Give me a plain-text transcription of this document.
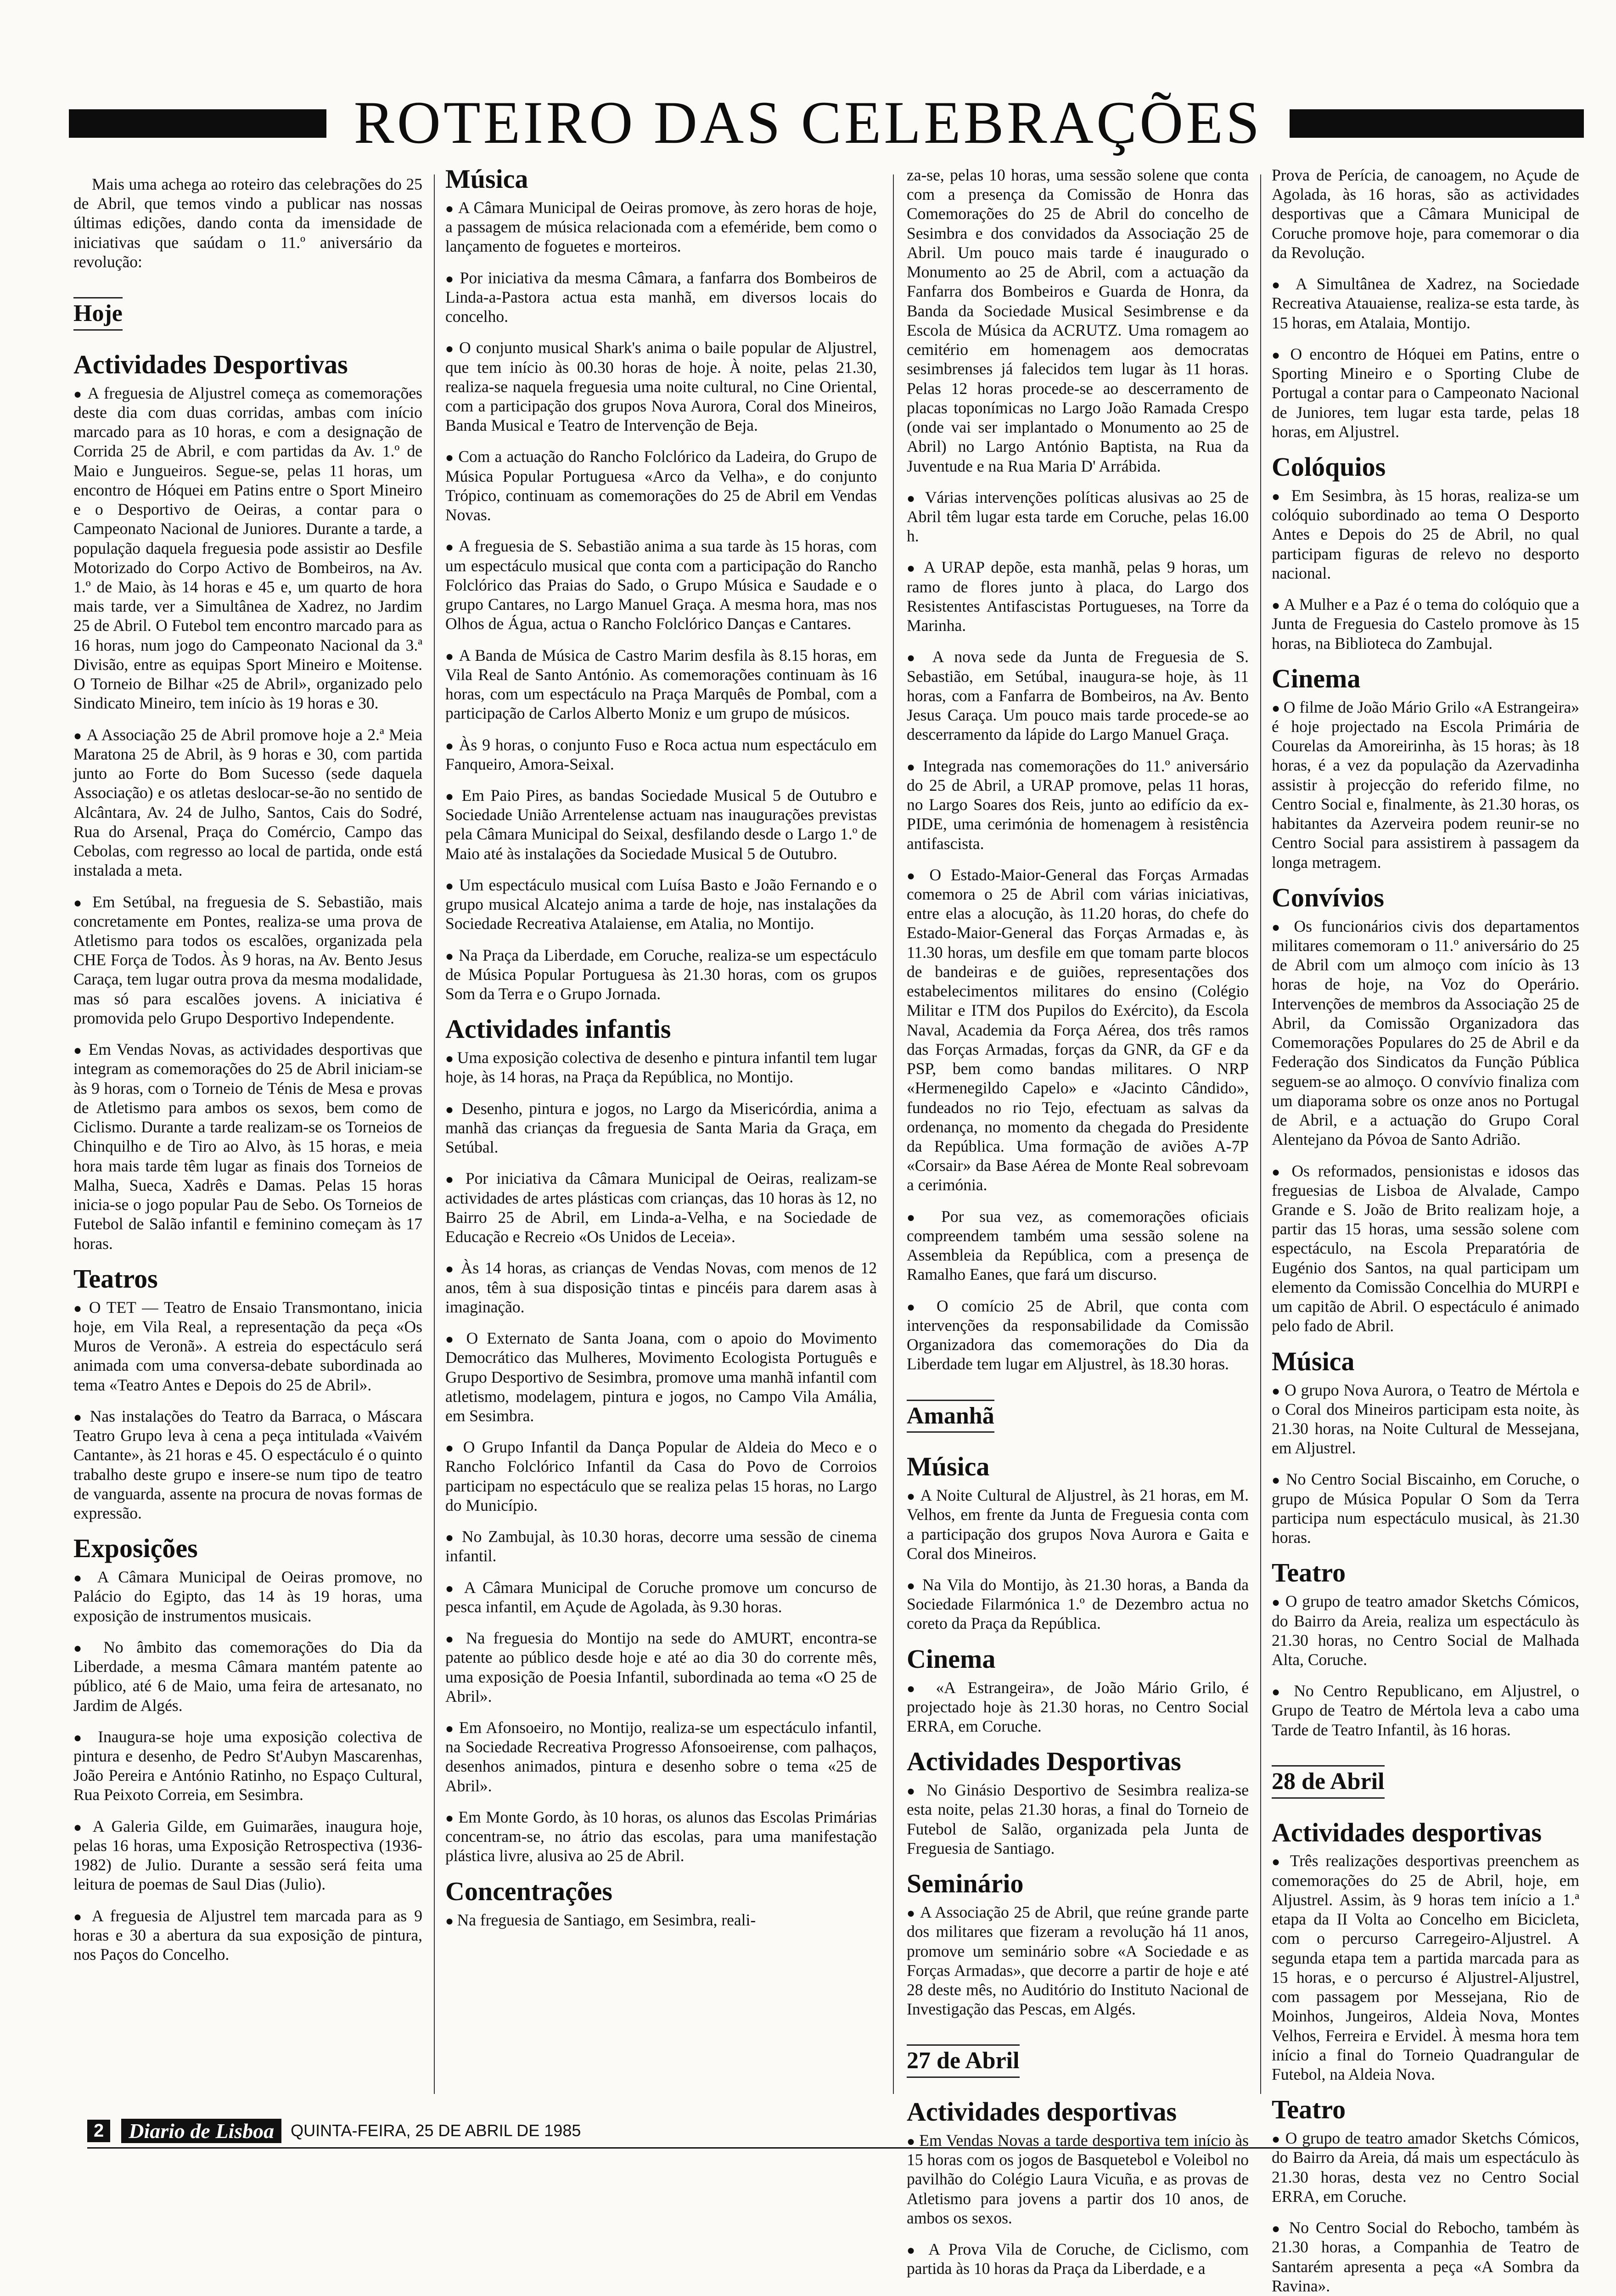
ROTEIRO DAS CELEBRAÇÕES

Mais uma achega ao roteiro das celebrações do 25 de Abril, que temos vindo a publicar nas nossas últimas edições, dando conta da imensidade de iniciativas que saúdam o 11.º aniversário da revolução:

Hoje
Actividades Desportivas

● A freguesia de Aljustrel começa as comemorações deste dia com duas corridas, ambas com início marcado para as 10 horas, e com a designação de Corrida 25 de Abril, e com partidas da Av. 1.º de Maio e Jungueiros. Segue-se, pelas 11 horas, um encontro de Hóquei em Patins entre o Sport Mineiro e o Desportivo de Oeiras, a contar para o Campeonato Nacional de Juniores. Durante a tarde, a população daquela freguesia pode assistir ao Desfile Motorizado do Corpo Activo de Bombeiros, na Av. 1.º de Maio, às 14 horas e 45 e, um quarto de hora mais tarde, ver a Simultânea de Xadrez, no Jardim 25 de Abril. O Futebol tem encontro marcado para as 16 horas, num jogo do Campeonato Nacional da 3.ª Divisão, entre as equipas Sport Mineiro e Moitense. O Torneio de Bilhar «25 de Abril», organizado pelo Sindicato Mineiro, tem início às 19 horas e 30.

● A Associação 25 de Abril promove hoje a 2.ª Meia Maratona 25 de Abril, às 9 horas e 30, com partida junto ao Forte do Bom Sucesso (sede daquela Associação) e os atletas deslocar-se-ão no sentido de Alcântara, Av. 24 de Julho, Santos, Cais do Sodré, Rua do Arsenal, Praça do Comércio, Campo das Cebolas, com regresso ao local de partida, onde está instalada a meta.

● Em Setúbal, na freguesia de S. Sebastião, mais concretamente em Pontes, realiza-se uma prova de Atletismo para todos os escalões, organizada pela CHE Força de Todos. Às 9 horas, na Av. Bento Jesus Caraça, tem lugar outra prova da mesma modalidade, mas só para escalões jovens. A iniciativa é promovida pelo Grupo Desportivo Independente.

● Em Vendas Novas, as actividades desportivas que integram as comemorações do 25 de Abril iniciam-se às 9 horas, com o Torneio de Ténis de Mesa e provas de Atletismo para ambos os sexos, bem como de Ciclismo. Durante a tarde realizam-se os Torneios de Chinquilho e de Tiro ao Alvo, às 15 horas, e meia hora mais tarde têm lugar as finais dos Torneios de Malha, Sueca, Xadrês e Damas. Pelas 15 horas inicia-se o jogo popular Pau de Sebo. Os Torneios de Futebol de Salão infantil e feminino começam às 17 horas.

Teatros

● O TET — Teatro de Ensaio Transmontano, inicia hoje, em Vila Real, a representação da peça «Os Muros de Veronã». A estreia do espectáculo será animada com uma conversa-debate subordinada ao tema «Teatro Antes e Depois do 25 de Abril».

● Nas instalações do Teatro da Barraca, o Máscara Teatro Grupo leva à cena a peça intitulada «Vaivém Cantante», às 21 horas e 45. O espectáculo é o quinto trabalho deste grupo e insere-se num tipo de teatro de vanguarda, assente na procura de novas formas de expressão.

Exposições

● A Câmara Municipal de Oeiras promove, no Palácio do Egipto, das 14 às 19 horas, uma exposição de instrumentos musicais.

● No âmbito das comemorações do Dia da Liberdade, a mesma Câmara mantém patente ao público, até 6 de Maio, uma feira de artesanato, no Jardim de Algés.

● Inaugura-se hoje uma exposição colectiva de pintura e desenho, de Pedro St'Aubyn Mascarenhas, João Pereira e António Ratinho, no Espaço Cultural, Rua Peixoto Correia, em Sesimbra.

● A Galeria Gilde, em Guimarães, inaugura hoje, pelas 16 horas, uma Exposição Retrospectiva (1936-1982) de Julio. Durante a sessão será feita uma leitura de poemas de Saul Dias (Julio).

● A freguesia de Aljustrel tem marcada para as 9 horas e 30 a abertura da sua exposição de pintura, nos Paços do Concelho.

Música

● A Câmara Municipal de Oeiras promove, às zero horas de hoje, a passagem de música relacionada com a efeméride, bem como o lançamento de foguetes e morteiros.

● Por iniciativa da mesma Câmara, a fanfarra dos Bombeiros de Linda-a-Pastora actua esta manhã, em diversos locais do concelho.

● O conjunto musical Shark's anima o baile popular de Aljustrel, que tem início às 00.30 horas de hoje. À noite, pelas 21.30, realiza-se naquela freguesia uma noite cultural, no Cine Oriental, com a participação dos grupos Nova Aurora, Coral dos Mineiros, Banda Musical e Teatro de Intervenção de Beja.

● Com a actuação do Rancho Folclórico da Ladeira, do Grupo de Música Popular Portuguesa «Arco da Velha», e do conjunto Trópico, continuam as comemorações do 25 de Abril em Vendas Novas.

● A freguesia de S. Sebastião anima a sua tarde às 15 horas, com um espectáculo musical que conta com a participação do Rancho Folclórico das Praias do Sado, o Grupo Música e Saudade e o grupo Cantares, no Largo Manuel Graça. A mesma hora, mas nos Olhos de Água, actua o Rancho Folclórico Danças e Cantares.

● A Banda de Música de Castro Marim desfila às 8.15 horas, em Vila Real de Santo António. As comemorações continuam às 16 horas, com um espectáculo na Praça Marquês de Pombal, com a participação de Carlos Alberto Moniz e um grupo de músicos.

● Às 9 horas, o conjunto Fuso e Roca actua num espectáculo em Fanqueiro, Amora-Seixal.

● Em Paio Pires, as bandas Sociedade Musical 5 de Outubro e Sociedade União Arrentelense actuam nas inaugurações previstas pela Câmara Municipal do Seixal, desfilando desde o Largo 1.º de Maio até às instalações da Sociedade Musical 5 de Outubro.

● Um espectáculo musical com Luísa Basto e João Fernando e o grupo musical Alcatejo anima a tarde de hoje, nas instalações da Sociedade Recreativa Atalaiense, em Atalia, no Montijo.

● Na Praça da Liberdade, em Coruche, realiza-se um espectáculo de Música Popular Portuguesa às 21.30 horas, com os grupos Som da Terra e o Grupo Jornada.

Actividades infantis

● Uma exposição colectiva de desenho e pintura infantil tem lugar hoje, às 14 horas, na Praça da República, no Montijo.

● Desenho, pintura e jogos, no Largo da Misericórdia, anima a manhã das crianças da freguesia de Santa Maria da Graça, em Setúbal.

● Por iniciativa da Câmara Municipal de Oeiras, realizam-se actividades de artes plásticas com crianças, das 10 horas às 12, no Bairro 25 de Abril, em Linda-a-Velha, e na Sociedade de Educação e Recreio «Os Unidos de Leceia».

● Às 14 horas, as crianças de Vendas Novas, com menos de 12 anos, têm à sua disposição tintas e pincéis para darem asas à imaginação.

● O Externato de Santa Joana, com o apoio do Movimento Democrático das Mulheres, Movimento Ecologista Português e Grupo Desportivo de Sesimbra, promove uma manhã infantil com atletismo, modelagem, pintura e jogos, no Campo Vila Amália, em Sesimbra.

● O Grupo Infantil da Dança Popular de Aldeia do Meco e o Rancho Folclórico Infantil da Casa do Povo de Corroios participam no espectáculo que se realiza pelas 15 horas, no Largo do Município.

● No Zambujal, às 10.30 horas, decorre uma sessão de cinema infantil.

● A Câmara Municipal de Coruche promove um concurso de pesca infantil, em Açude de Agolada, às 9.30 horas.

● Na freguesia do Montijo na sede do AMURT, encontra-se patente ao público desde hoje e até ao dia 30 do corrente mês, uma exposição de Poesia Infantil, subordinada ao tema «O 25 de Abril».

● Em Afonsoeiro, no Montijo, realiza-se um espectáculo infantil, na Sociedade Recreativa Progresso Afonsoeirense, com palhaços, desenhos animados, pintura e desenho sobre o tema «25 de Abril».

● Em Monte Gordo, às 10 horas, os alunos das Escolas Primárias concentram-se, no átrio das escolas, para uma manifestação plástica livre, alusiva ao 25 de Abril.

Concentrações

● Na freguesia de Santiago, em Sesimbra, reali-

za-se, pelas 10 horas, uma sessão solene que conta com a presença da Comissão de Honra das Comemorações do 25 de Abril do concelho de Sesimbra e dos convidados da Associação 25 de Abril. Um pouco mais tarde é inaugurado o Monumento ao 25 de Abril, com a actuação da Fanfarra dos Bombeiros e Guarda de Honra, da Banda da Sociedade Musical Sesimbrense e da Escola de Música da ACRUTZ. Uma romagem ao cemitério em homenagem aos democratas sesimbrenses já falecidos tem lugar às 11 horas. Pelas 12 horas procede-se ao descerramento de placas toponímicas no Largo João Ramada Crespo (onde vai ser implantado o Monumento ao 25 de Abril) no Largo António Baptista, na Rua da Juventude e na Rua Maria D' Arrábida.

● Várias intervenções políticas alusivas ao 25 de Abril têm lugar esta tarde em Coruche, pelas 16.00 h.

● A URAP depõe, esta manhã, pelas 9 horas, um ramo de flores junto à placa, do Largo dos Resistentes Antifascistas Portugueses, na Torre da Marinha.

● A nova sede da Junta de Freguesia de S. Sebastião, em Setúbal, inaugura-se hoje, às 11 horas, com a Fanfarra de Bombeiros, na Av. Bento Jesus Caraça. Um pouco mais tarde procede-se ao descerramento da lápide do Largo Manuel Graça.

● Integrada nas comemorações do 11.º aniversário do 25 de Abril, a URAP promove, pelas 11 horas, no Largo Soares dos Reis, junto ao edifício da ex-PIDE, uma cerimónia de homenagem à resistência antifascista.

● O Estado-Maior-General das Forças Armadas comemora o 25 de Abril com várias iniciativas, entre elas a alocução, às 11.20 horas, do chefe do Estado-Maior-General das Forças Armadas e, às 11.30 horas, um desfile em que tomam parte blocos de bandeiras e de guiões, representações dos estabelecimentos militares do ensino (Colégio Militar e ITM dos Pupilos do Exército), da Escola Naval, Academia da Força Aérea, dos três ramos das Forças Armadas, forças da GNR, da GF e da PSP, bem como bandas militares. O NRP «Hermenegildo Capelo» e «Jacinto Cândido», fundeados no rio Tejo, efectuam as salvas da ordenança, no momento da chegada do Presidente da República. Uma formação de aviões A-7P «Corsair» da Base Aérea de Monte Real sobrevoam a cerimónia.

● Por sua vez, as comemorações oficiais compreendem também uma sessão solene na Assembleia da República, com a presença de Ramalho Eanes, que fará um discurso.

● O comício 25 de Abril, que conta com intervenções da responsabilidade da Comissão Organizadora das comemorações do Dia da Liberdade tem lugar em Aljustrel, às 18.30 horas.

Amanhã
Música

● A Noite Cultural de Aljustrel, às 21 horas, em M. Velhos, em frente da Junta de Freguesia conta com a participação dos grupos Nova Aurora e Gaita e Coral dos Mineiros.

● Na Vila do Montijo, às 21.30 horas, a Banda da Sociedade Filarmónica 1.º de Dezembro actua no coreto da Praça da República.

Cinema

● «A Estrangeira», de João Mário Grilo, é projectado hoje às 21.30 horas, no Centro Social ERRA, em Coruche.

Actividades Desportivas

● No Ginásio Desportivo de Sesimbra realiza-se esta noite, pelas 21.30 horas, a final do Torneio de Futebol de Salão, organizada pela Junta de Freguesia de Santiago.

Seminário

● A Associação 25 de Abril, que reúne grande parte dos militares que fizeram a revolução há 11 anos, promove um seminário sobre «A Sociedade e as Forças Armadas», que decorre a partir de hoje e até 28 deste mês, no Auditório do Instituto Nacional de Investigação das Pescas, em Algés.

27 de Abril
Actividades desportivas

● Em Vendas Novas a tarde desportiva tem início às 15 horas com os jogos de Basquetebol e Voleibol no pavilhão do Colégio Laura Vicuña, e as provas de Atletismo para jovens a partir dos 10 anos, de ambos os sexos.

● A Prova Vila de Coruche, de Ciclismo, com partida às 10 horas da Praça da Liberdade, e a

Prova de Perícia, de canoagem, no Açude de Agolada, às 16 horas, são as actividades desportivas que a Câmara Municipal de Coruche promove hoje, para comemorar o dia da Revolução.

● A Simultânea de Xadrez, na Sociedade Recreativa Atauaiense, realiza-se esta tarde, às 15 horas, em Atalaia, Montijo.

● O encontro de Hóquei em Patins, entre o Sporting Mineiro e o Sporting Clube de Portugal a contar para o Campeonato Nacional de Juniores, tem lugar esta tarde, pelas 18 horas, em Aljustrel.

Colóquios

● Em Sesimbra, às 15 horas, realiza-se um colóquio subordinado ao tema O Desporto Antes e Depois do 25 de Abril, no qual participam figuras de relevo no desporto nacional.

● A Mulher e a Paz é o tema do colóquio que a Junta de Freguesia do Castelo promove às 15 horas, na Biblioteca do Zambujal.

Cinema

● O filme de João Mário Grilo «A Estrangeira» é hoje projectado na Escola Primária de Courelas da Amoreirinha, às 15 horas; às 18 horas, é a vez da população da Azervadinha assistir à projecção do referido filme, no Centro Social e, finalmente, às 21.30 horas, os habitantes da Azerveira podem reunir-se no Centro Social para assistirem à passagem da longa metragem.

Convívios

● Os funcionários civis dos departamentos militares comemoram o 11.º aniversário do 25 de Abril com um almoço com início às 13 horas de hoje, na Voz do Operário. Intervenções de membros da Associação 25 de Abril, da Comissão Organizadora das Comemorações Populares do 25 de Abril e da Federação dos Sindicatos da Função Pública seguem-se ao almoço. O convívio finaliza com um diaporama sobre os onze anos no Portugal de Abril, e a actuação do Grupo Coral Alentejano da Póvoa de Santo Adrião.

● Os reformados, pensionistas e idosos das freguesias de Lisboa de Alvalade, Campo Grande e S. João de Brito realizam hoje, a partir das 15 horas, uma sessão solene com espectáculo, na Escola Preparatória de Eugénio dos Santos, na qual participam um elemento da Comissão Concelhia do MURPI e um capitão de Abril. O espectáculo é animado pelo fado de Abril.

Música

● O grupo Nova Aurora, o Teatro de Mértola e o Coral dos Mineiros participam esta noite, às 21.30 horas, na Noite Cultural de Messejana, em Aljustrel.

● No Centro Social Biscainho, em Coruche, o grupo de Música Popular O Som da Terra participa num espectáculo musical, às 21.30 horas.

Teatro

● O grupo de teatro amador Sketchs Cómicos, do Bairro da Areia, realiza um espectáculo às 21.30 horas, no Centro Social de Malhada Alta, Coruche.

● No Centro Republicano, em Aljustrel, o Grupo de Teatro de Mértola leva a cabo uma Tarde de Teatro Infantil, às 16 horas.

28 de Abril
Actividades desportivas

● Três realizações desportivas preenchem as comemorações do 25 de Abril, hoje, em Aljustrel. Assim, às 9 horas tem início a 1.ª etapa da II Volta ao Concelho em Bicicleta, com o percurso Carregeiro-Aljustrel. A segunda etapa tem a partida marcada para as 15 horas, e o percurso é Aljustrel-Aljustrel, com passagem por Messejana, Rio de Moinhos, Jungeiros, Aldeia Nova, Montes Velhos, Ferreira e Ervidel. À mesma hora tem início a final do Torneio Quadrangular de Futebol, na Aldeia Nova.

Teatro

● O grupo de teatro amador Sketchs Cómicos, do Bairro da Areia, dá mais um espectáculo às 21.30 horas, desta vez no Centro Social ERRA, em Coruche.

● No Centro Social do Rebocho, também às 21.30 horas, a Companhia de Teatro de Santarém apresenta a peça «A Sombra da Ravina».

2	Diario de Lisboa	QUINTA-FEIRA, 25 DE ABRIL DE 1985
